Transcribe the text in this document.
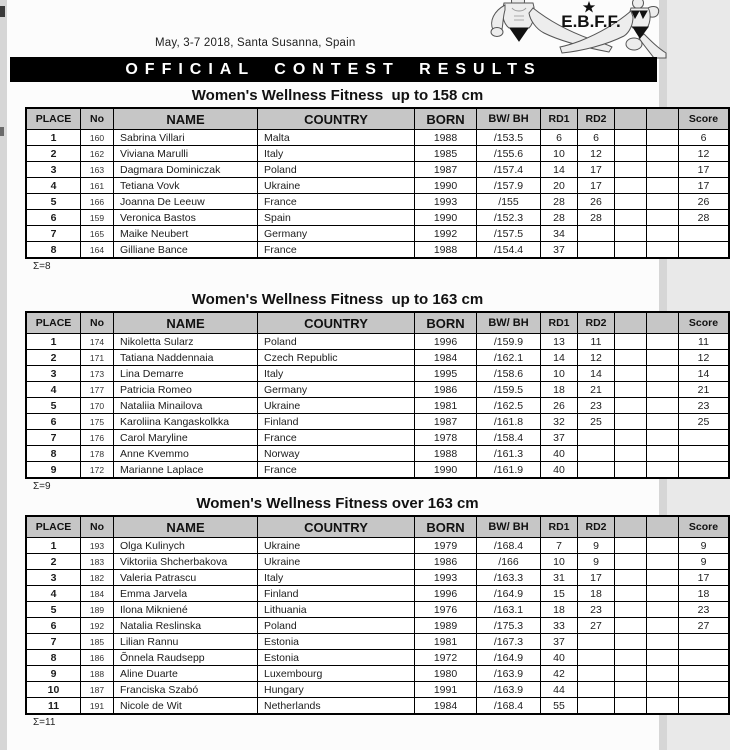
E.B.F.F.
May, 3-7 2018, Santa Susanna, Spain
OFFICIAL CONTEST RESULTS
Women's Wellness Fitness  up to 158 cm
PLACE	No	NAME	COUNTRY	BORN	BW/ BH	RD1	RD2			Score
1	160	Sabrina Villari	Malta	1988	/153.5	6	6			6
2	162	Viviana Marulli	Italy	1985	/155.6	10	12			12
3	163	Dagmara Dominiczak	Poland	1987	/157.4	14	17			17
4	161	Tetiana Vovk	Ukraine	1990	/157.9	20	17			17
5	166	Joanna De Leeuw	France	1993	/155	28	26			26
6	159	Veronica Bastos	Spain	1990	/152.3	28	28			28
7	165	Maike Neubert	Germany	1992	/157.5	34				
8	164	Gilliane Bance	France	1988	/154.4	37				
Σ=8
Women's Wellness Fitness  up to 163 cm
PLACE	No	NAME	COUNTRY	BORN	BW/ BH	RD1	RD2			Score
1	174	Nikoletta Sularz	Poland	1996	/159.9	13	11			11
2	171	Tatiana Naddennaia	Czech Republic	1984	/162.1	14	12			12
3	173	Lina Demarre	Italy	1995	/158.6	10	14			14
4	177	Patricia Romeo	Germany	1986	/159.5	18	21			21
5	170	Nataliia Minailova	Ukraine	1981	/162.5	26	23			23
6	175	Karoliina Kangaskolkka	Finland	1987	/161.8	32	25			25
7	176	Carol Maryline	France	1978	/158.4	37				
8	178	Anne Kvemmo	Norway	1988	/161.3	40				
9	172	Marianne Laplace	France	1990	/161.9	40				
Σ=9
Women's Wellness Fitness over 163 cm
PLACE	No	NAME	COUNTRY	BORN	BW/ BH	RD1	RD2			Score
1	193	Olga Kulinych	Ukraine	1979	/168.4	7	9			9
2	183	Viktoriia Shcherbakova	Ukraine	1986	/166	10	9			9
3	182	Valeria Patrascu	Italy	1993	/163.3	31	17			17
4	184	Emma Jarvela	Finland	1996	/164.9	15	18			18
5	189	Ilona Mikniené	Lithuania	1976	/163.1	18	23			23
6	192	Natalia Reslinska	Poland	1989	/175.3	33	27			27
7	185	Lilian Rannu	Estonia	1981	/167.3	37				
8	186	Õnnela Raudsepp	Estonia	1972	/164.9	40				
9	188	Aline Duarte	Luxembourg	1980	/163.9	42				
10	187	Franciska Szabó	Hungary	1991	/163.9	44				
11	191	Nicole de Wit	Netherlands	1984	/168.4	55				
Σ=11
